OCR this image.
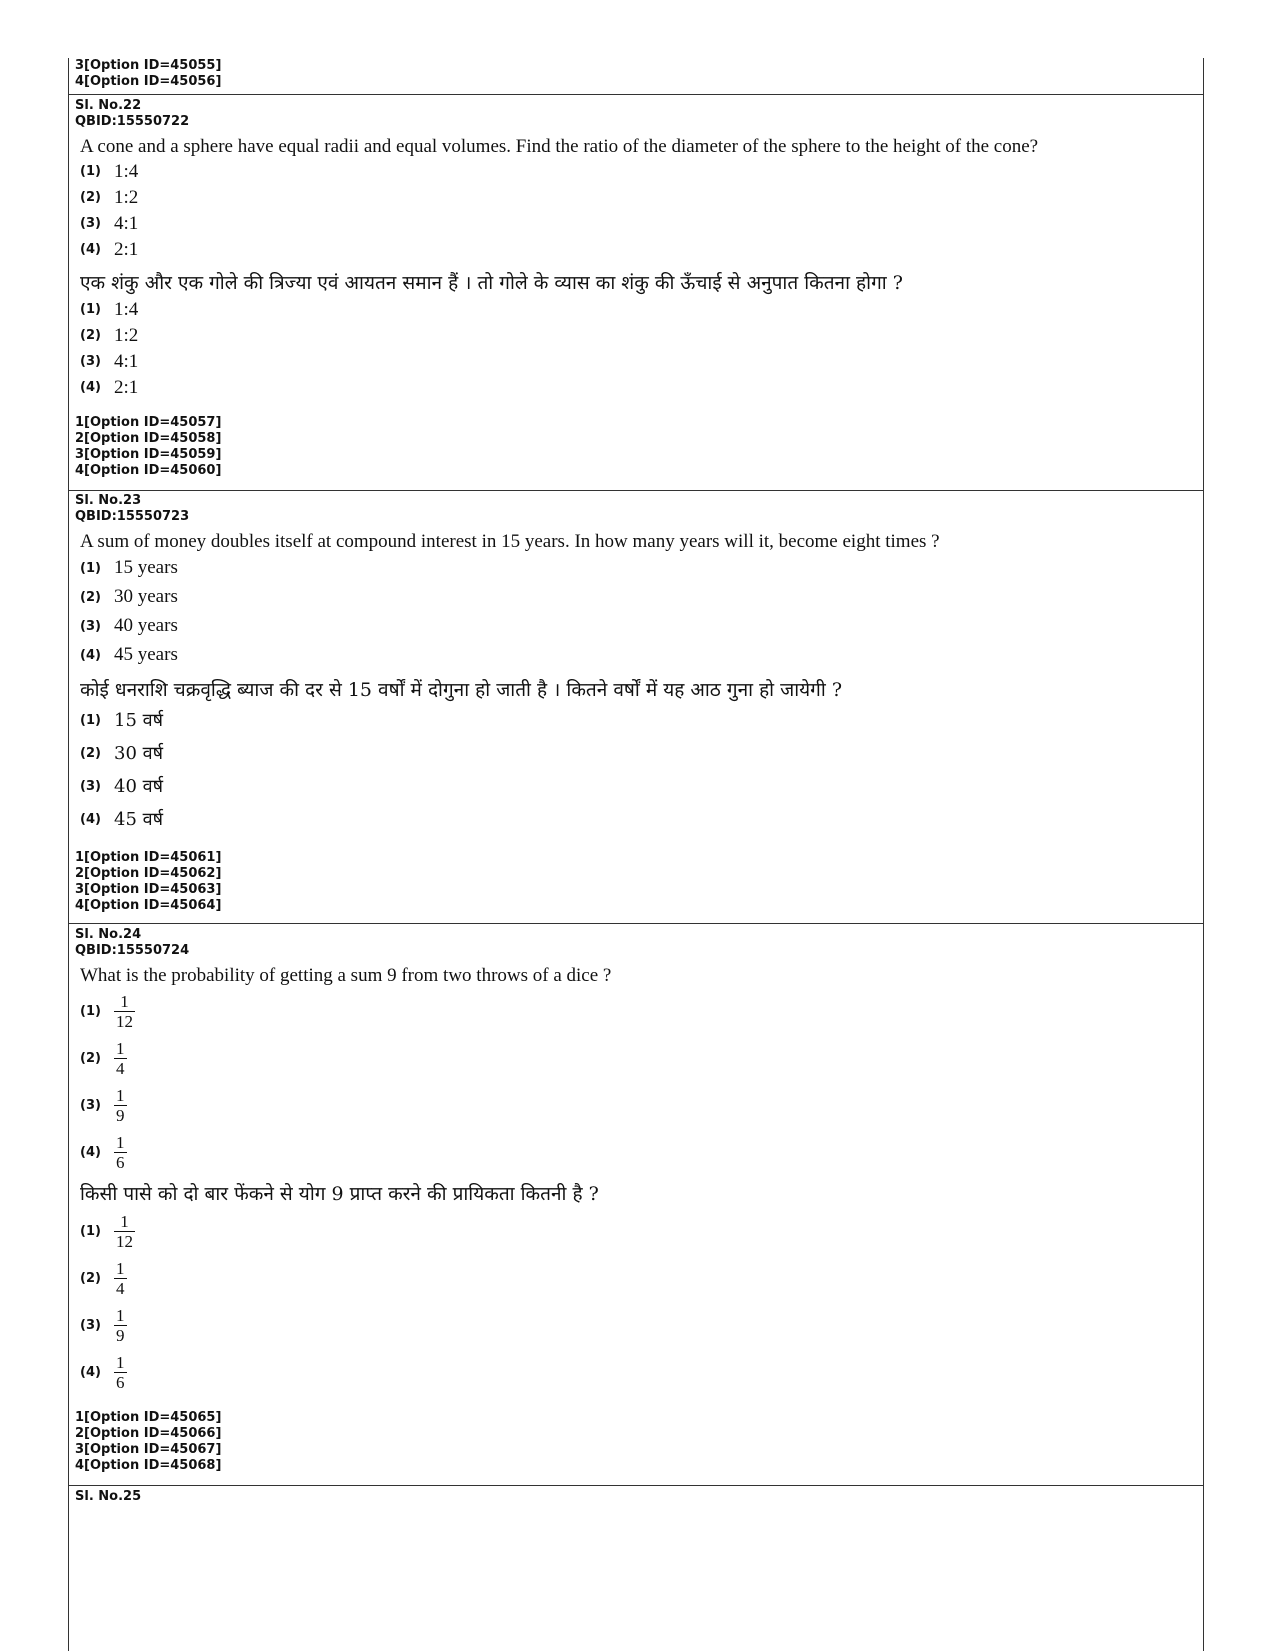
3[Option ID=45055]
4[Option ID=45056]
Sl. No.22
QBID:15550722
A cone and a sphere have equal radii and equal volumes. Find the ratio of the diameter of the sphere to the height of the cone?
(1) 1:4
(2) 1:2
(3) 4:1
(4) 2:1
एक शंकु और एक गोले की त्रिज्या एवं आयतन समान हैं । तो गोले के व्यास का शंकु की ऊँचाई से अनुपात कितना होगा ?
(1) 1:4
(2) 1:2
(3) 4:1
(4) 2:1
1[Option ID=45057]
2[Option ID=45058]
3[Option ID=45059]
4[Option ID=45060]
Sl. No.23
QBID:15550723
A sum of money doubles itself at compound interest in 15 years. In how many years will it, become eight times ?
(1) 15 years
(2) 30 years
(3) 40 years
(4) 45 years
कोई धनराशि चक्रवृद्धि ब्याज की दर से 15 वर्षों में दोगुना हो जाती है । कितने वर्षों में यह आठ गुना हो जायेगी ?
(1) 15 वर्ष
(2) 30 वर्ष
(3) 40 वर्ष
(4) 45 वर्ष
1[Option ID=45061]
2[Option ID=45062]
3[Option ID=45063]
4[Option ID=45064]
Sl. No.24
QBID:15550724
What is the probability of getting a sum 9 from two throws of a dice ?
$(1) \frac{1}{12}$
$(2) \frac{1}{4}$
$(3) \frac{1}{9}$
$(4) \frac{1}{6}$
किसी पासे को दो बार फेंकने से योग 9 प्राप्त करने की प्रायिकता कितनी है ?
$(1) \frac{1}{12}$
$(2) \frac{1}{4}$
$(3) \frac{1}{9}$
$(4) \frac{1}{6}$
1[Option ID=45065]
2[Option ID=45066]
3[Option ID=45067]
4[Option ID=45068]
Sl. No.25
